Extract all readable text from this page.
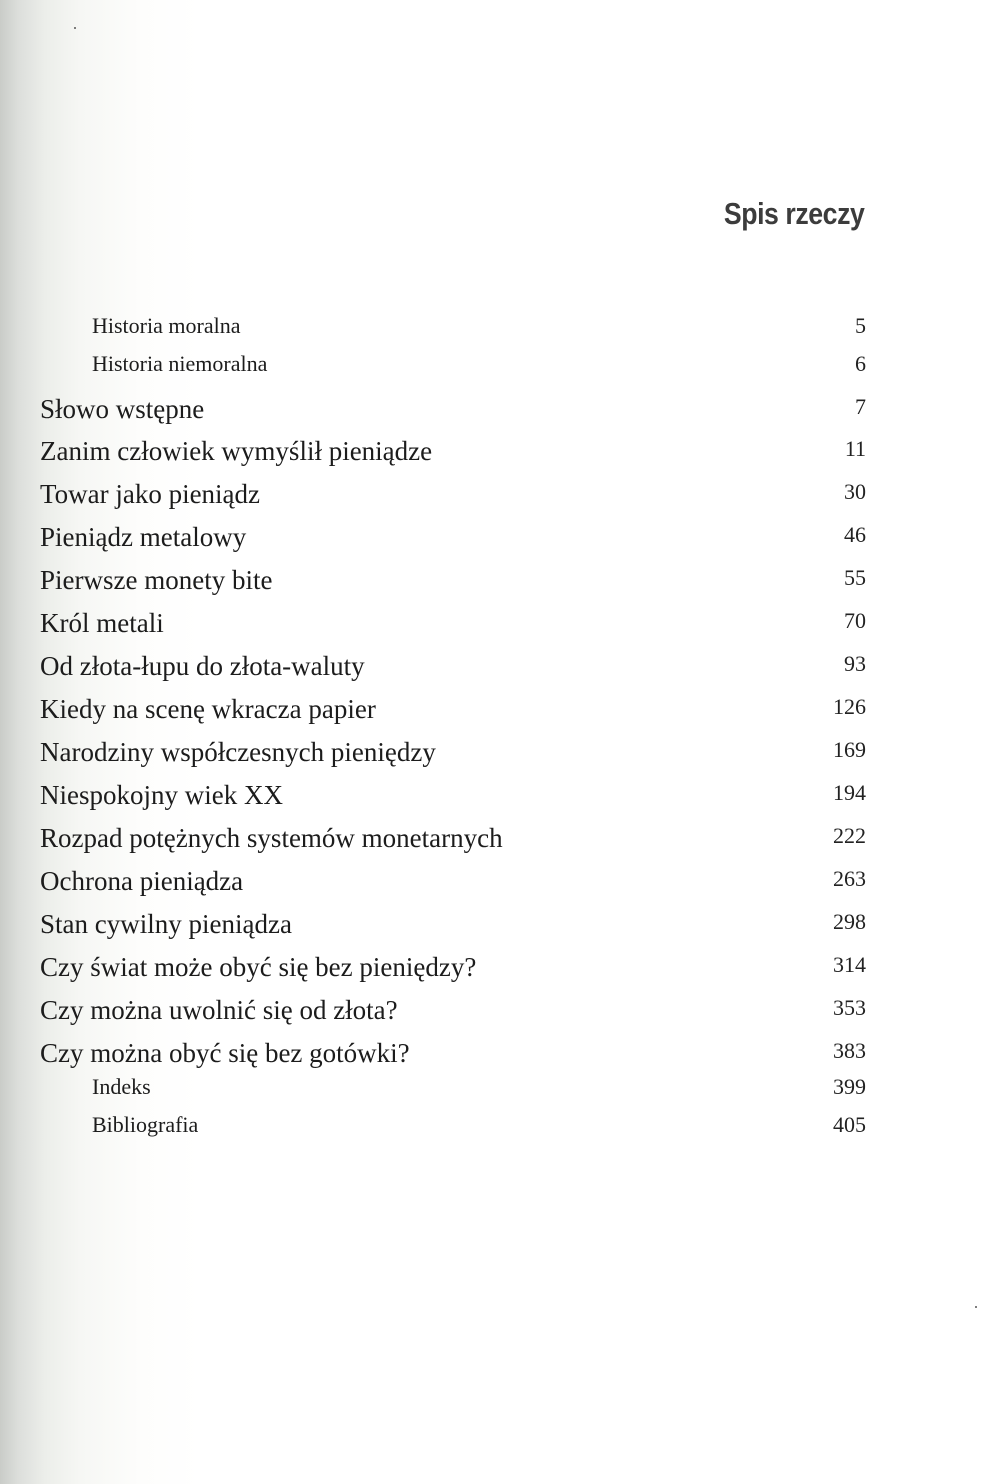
Spis rzeczy
Historia moralna	5
Historia niemoralna	6
Słowo wstępne	7
Zanim człowiek wymyślił pieniądze	11
Towar jako pieniądz	30
Pieniądz metalowy	46
Pierwsze monety bite	55
Król metali	70
Od złota-łupu do złota-waluty	93
Kiedy na scenę wkracza papier	126
Narodziny współczesnych pieniędzy	169
Niespokojny wiek XX	194
Rozpad potężnych systemów monetarnych	222
Ochrona pieniądza	263
Stan cywilny pieniądza	298
Czy świat może obyć się bez pieniędzy?	314
Czy można uwolnić się od złota?	353
Czy można obyć się bez gotówki?	383
Indeks	399
Bibliografia	405
